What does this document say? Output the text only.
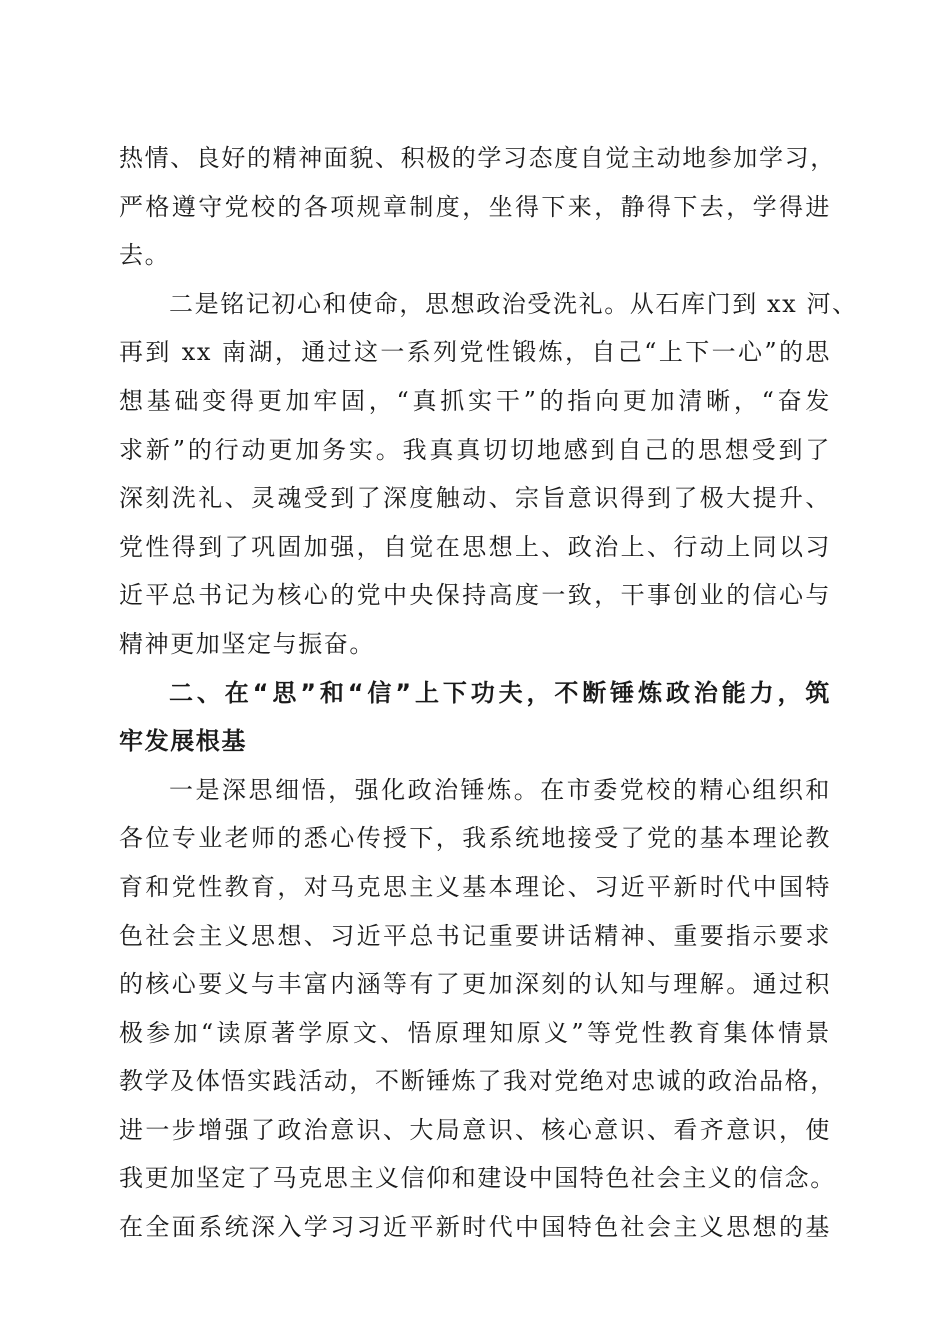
热情、良好的精神面貌、积极的学习态度自觉主动地参加学习，
严格遵守党校的各项规章制度，坐得下来，静得下去，学得进
去。
二是铭记初心和使命，思想政治受洗礼。从石库门到 xx 河、
再到 xx 南湖，通过这一系列党性锻炼，自己“上下一心”的思
想基础变得更加牢固，“真抓实干”的指向更加清晰，“奋发
求新”的行动更加务实。我真真切切地感到自己的思想受到了
深刻洗礼、灵魂受到了深度触动、宗旨意识得到了极大提升、
党性得到了巩固加强，自觉在思想上、政治上、行动上同以习
近平总书记为核心的党中央保持高度一致，干事创业的信心与
精神更加坚定与振奋。
二、在“思”和“信”上下功夫，不断锤炼政治能力，筑
牢发展根基
一是深思细悟，强化政治锤炼。在市委党校的精心组织和
各位专业老师的悉心传授下，我系统地接受了党的基本理论教
育和党性教育，对马克思主义基本理论、习近平新时代中国特
色社会主义思想、习近平总书记重要讲话精神、重要指示要求
的核心要义与丰富内涵等有了更加深刻的认知与理解。通过积
极参加“读原著学原文、悟原理知原义”等党性教育集体情景
教学及体悟实践活动，不断锤炼了我对党绝对忠诚的政治品格，
进一步增强了政治意识、大局意识、核心意识、看齐意识，使
我更加坚定了马克思主义信仰和建设中国特色社会主义的信念。
在全面系统深入学习习近平新时代中国特色社会主义思想的基
